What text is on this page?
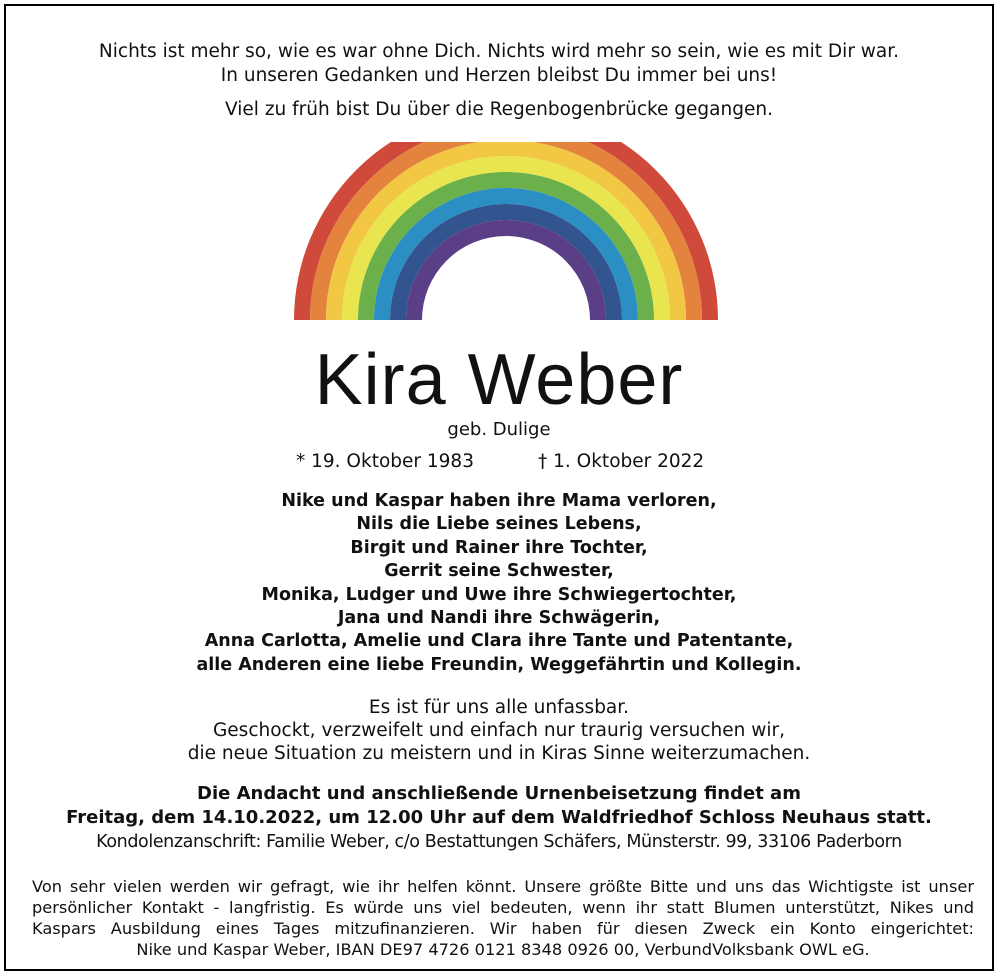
Nichts ist mehr so, wie es war ohne Dich. Nichts wird mehr so sein, wie es mit Dir war.
In unseren Gedanken und Herzen bleibst Du immer bei uns!
Viel zu früh bist Du über die Regenbogenbrücke gegangen.
Kira Weber
geb. Dulige
* 19. Oktober 1983	† 1. Oktober 2022
Nike und Kaspar haben ihre Mama verloren,
Nils die Liebe seines Lebens,
Birgit und Rainer ihre Tochter,
Gerrit seine Schwester,
Monika, Ludger und Uwe ihre Schwiegertochter,
Jana und Nandi ihre Schwägerin,
Anna Carlotta, Amelie und Clara ihre Tante und Patentante,
alle Anderen eine liebe Freundin, Weggefährtin und Kollegin.
Es ist für uns alle unfassbar.
Geschockt, verzweifelt und einfach nur traurig versuchen wir,
die neue Situation zu meistern und in Kiras Sinne weiterzumachen.
Die Andacht und anschließende Urnenbeisetzung findet am
Freitag, dem 14.10.2022, um 12.00 Uhr auf dem Waldfriedhof Schloss Neuhaus statt.
Kondolenzanschrift: Familie Weber, c/o Bestattungen Schäfers, Münsterstr. 99, 33106 Paderborn
Von sehr vielen werden wir gefragt, wie ihr helfen könnt. Unsere größte Bitte und uns das Wichtigste ist unser
persönlicher Kontakt - langfristig. Es würde uns viel bedeuten, wenn ihr statt Blumen unterstützt, Nikes und
Kaspars Ausbildung eines Tages mitzufinanzieren. Wir haben für diesen Zweck ein Konto eingerichtet:
Nike und Kaspar Weber, IBAN DE97 4726 0121 8348 0926 00, VerbundVolksbank OWL eG.
